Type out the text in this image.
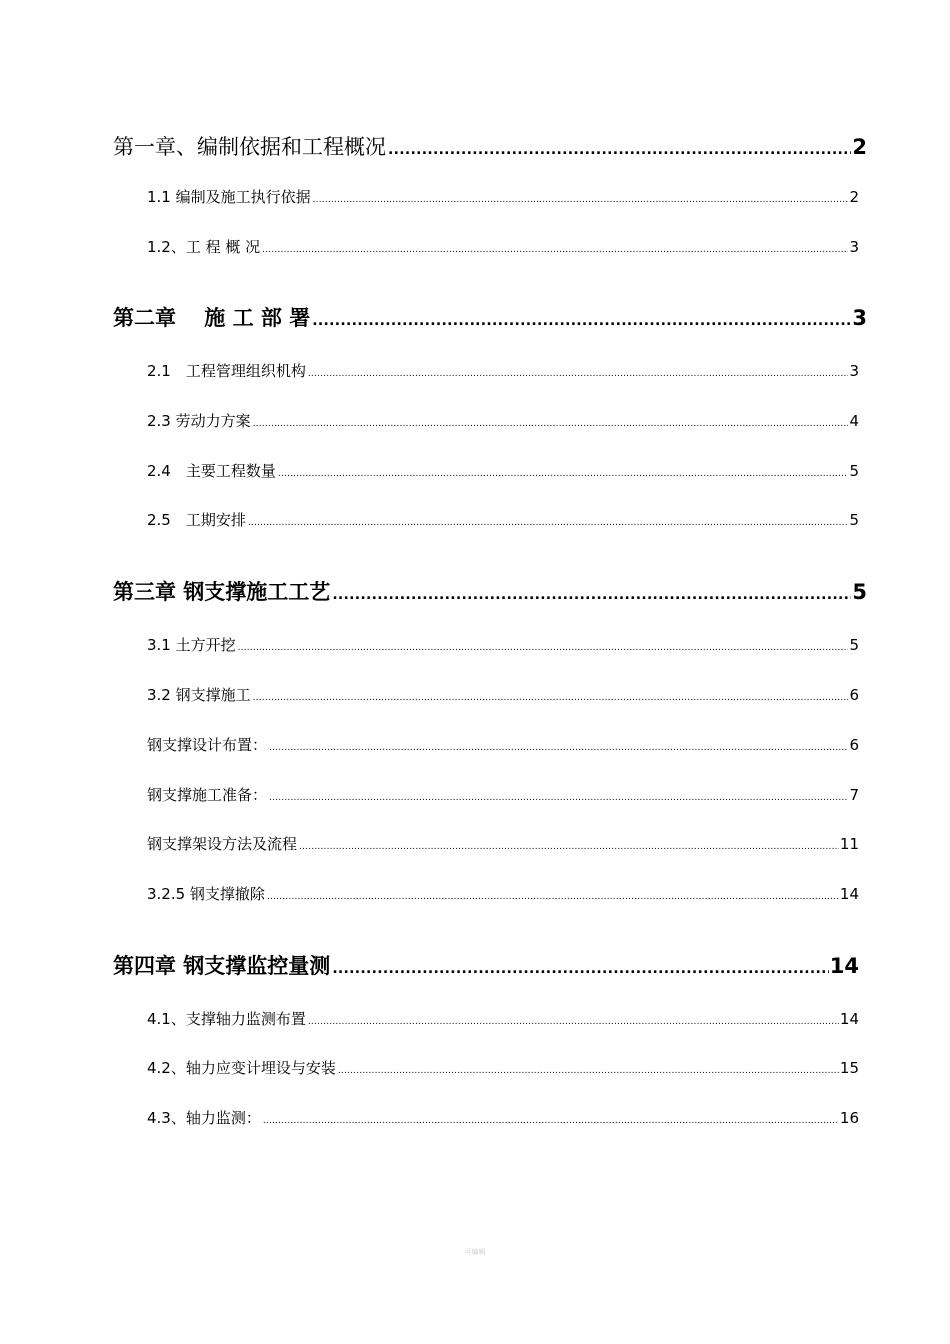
第一章、编制依据和工程概况 .....	2
1.1 编制及施工执行依据 .....	2
1.2、工 程 概 况 .....	3
第二章　 施 工 部 署 .....	3
2.1　工程管理组织机构 .....	3
2.3 劳动力方案 .....	4
2.4　主要工程数量 .....	5
2.5　工期安排 .....	5
第三章 钢支撑施工工艺 .....	5
3.1 土方开挖 .....	5
3.2 钢支撑施工 .....	6
钢支撑设计布置： .....	6
钢支撑施工准备： .....	7
钢支撑架设方法及流程 .....	11
3.2.5 钢支撑撤除 .....	14
第四章 钢支撑监控量测 .....	14
4.1、支撑轴力监测布置 .....	14
4.2、轴力应变计埋设与安装 .....	15
4.3、轴力监测： .....	16
可编辑
